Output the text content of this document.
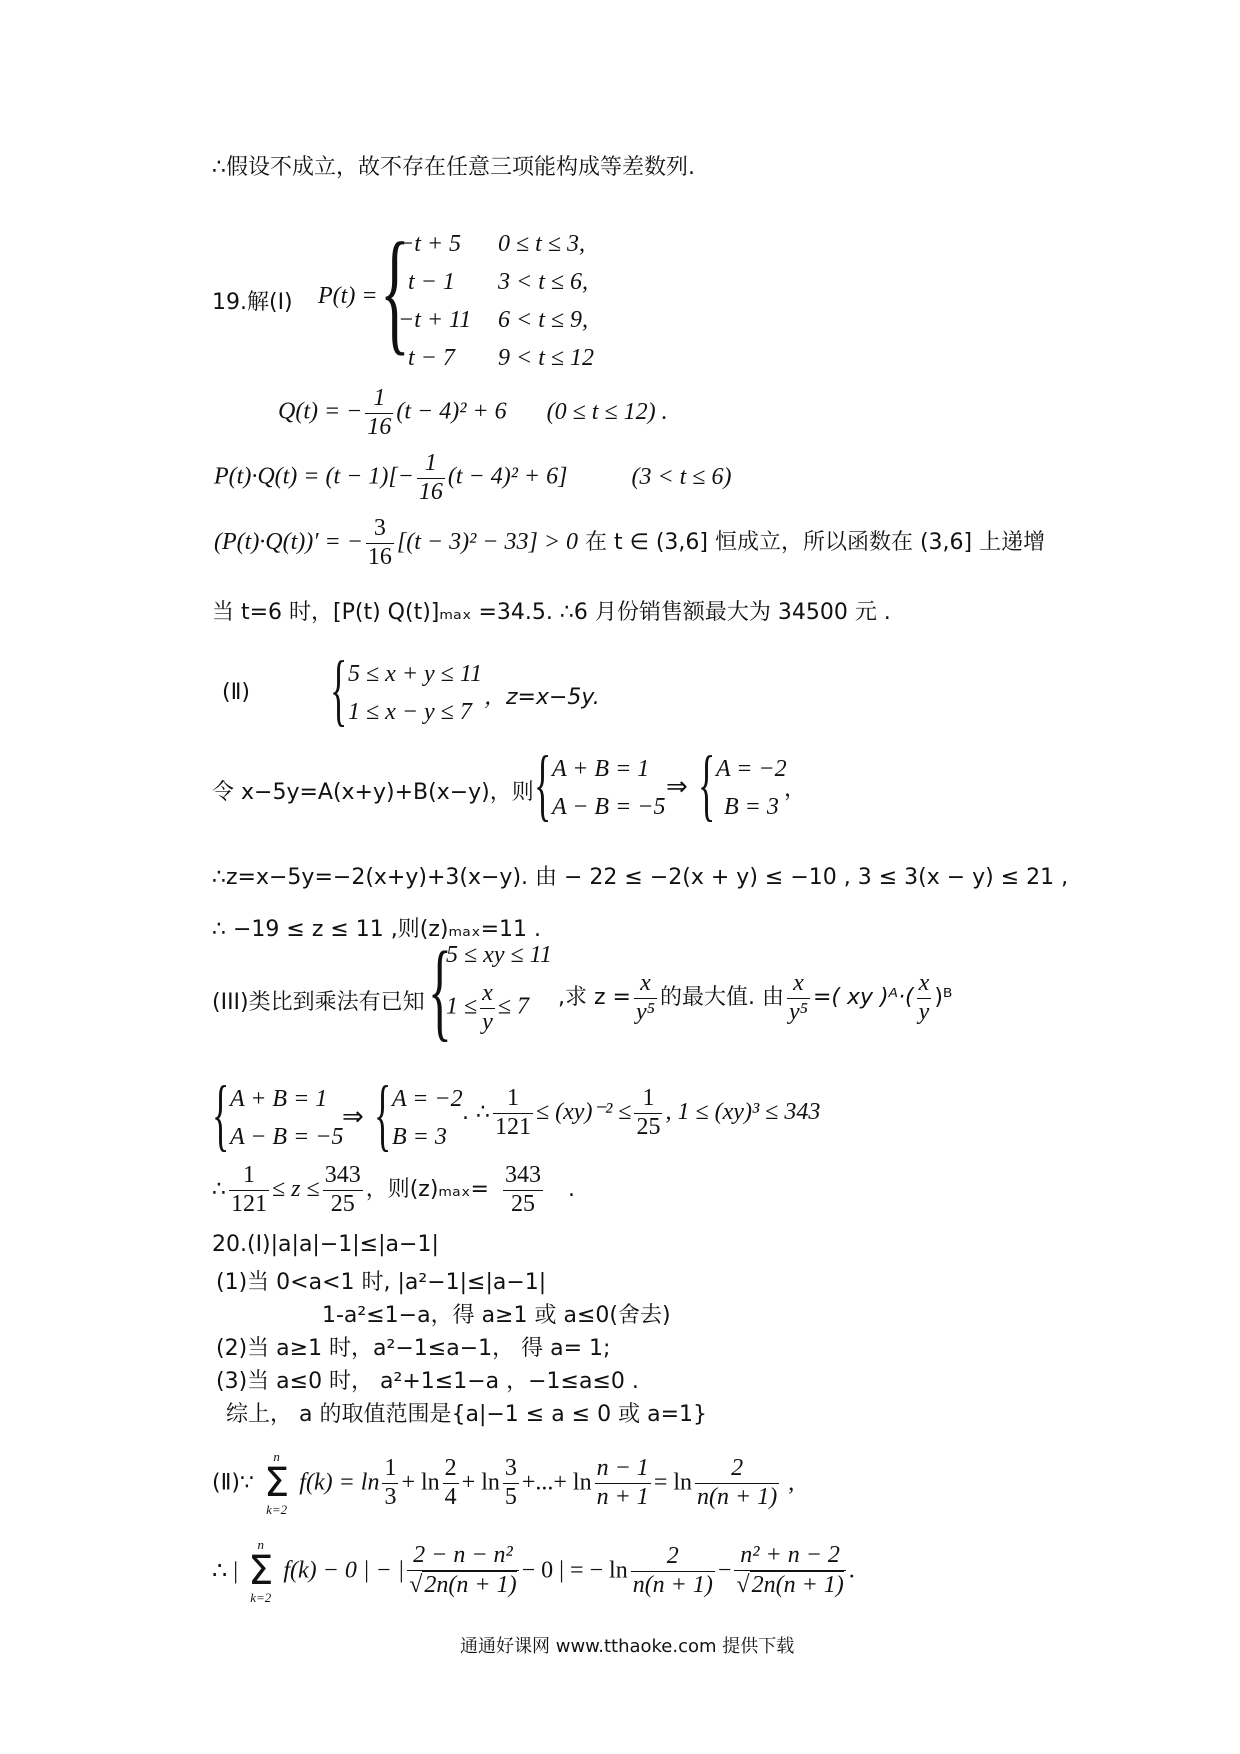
∴假设不成立，故不存在任意三项能构成等差数列.
19.解(Ⅰ) P(t) = {
−t + 5 0 ≤ t ≤ 3,
t − 1 3 < t ≤ 6,
−t + 11 6 < t ≤ 9,
t − 7 9 < t ≤ 12
Q(t) = − $\frac{1}{16} (t - 4)^2 + 6$ (0 ≤ t ≤ 12) .
$P(t)\cdot Q(t) = (t - 1)[- \frac{1}{16} (t - 4)^2 + 6]$	(3 < t ≤ 6)
(P(t)·Q(t))′ = − $\frac{3}{16} [(t - 3)^2 - 33] > 0$ 在 t ∈ (3,6] 恒成立，所以函数在 (3,6] 上递增
当 t=6 时，[P(t) Q(t)]ₘₐₓ =34.5. ∴6 月份销售额最大为 34500 元 .
(Ⅱ) { 5 ≤ x + y ≤ 11
1 ≤ x − y ≤ 7
，z=x−5y.
令 x−5y=A(x+y)+B(x−y)，则 { A + B = 1
A − B = −5
⇒ { A = −2
B = 3
，
∴z=x−5y=−2(x+y)+3(x−y). 由 − 22 ≤ −2(x + y) ≤ −10 , 3 ≤ 3(x − y) ≤ 21 ,
∴ −19 ≤ z ≤ 11 ,则(z)ₘₐₓ=11 .
(III)类比到乘法有已知 {
5 ≤ xy ≤ 11
$1 \le \frac{x}{y} \le 7$ ,求 $z = \frac{x}{\text{y⁵}}$ 的最大值. 由 $\frac{x}{\text{y⁵}}$ =( xy )ᴬ·( $\frac{x}{y}$ )ᴮ
{ A + B = 1
A − B = −5
⇒ { A = −2
B = 3
. ∴ $\frac{1}{121} \le (xy)^{-2} \le \frac{1}{25}$ , 1 ≤ (xy)³ ≤ 343
∴ $\frac{1}{121} \le z \le \frac{343}{25}$ ，则$(z)_{max}= \frac{343}{25}$ .
20.(Ⅰ)|a|a|−1|≤|a−1|
(1)当 0<a<1 时, |a²−1|≤|a−1|
1-a²≤1−a，得 a≥1 或 a≤0(舍去)
(2)当 a≥1 时，a²−1≤a−1， 得 a= 1;
(3)当 a≤0 时， a²+1≤1−a ，−1≤a≤0 .
综上， a 的取值范围是{a|−1 ≤ a ≤ 0 或 a=1}
(Ⅱ)∵
n
Σ
k=2
$f(k) = \ln \frac{1}{3} + \ln \frac{2}{4} + \ln \frac{3}{5}$ +...+ $\ln \frac{n - 1}{n + 1} = \ln \frac{2}{n(n + 1)}$ ,
∴ |
n
Σ
k=2
f(k) − 0 | − | $\frac{\text{2 − n − n²}}{√2n(n + 1)} - 0$ | = − $\ln \frac{2}{n(n + 1)} - \frac{\text{n² + n − 2}}{√2n(n + 1)}$ .
通通好课网 www.tthaoke.com 提供下载
